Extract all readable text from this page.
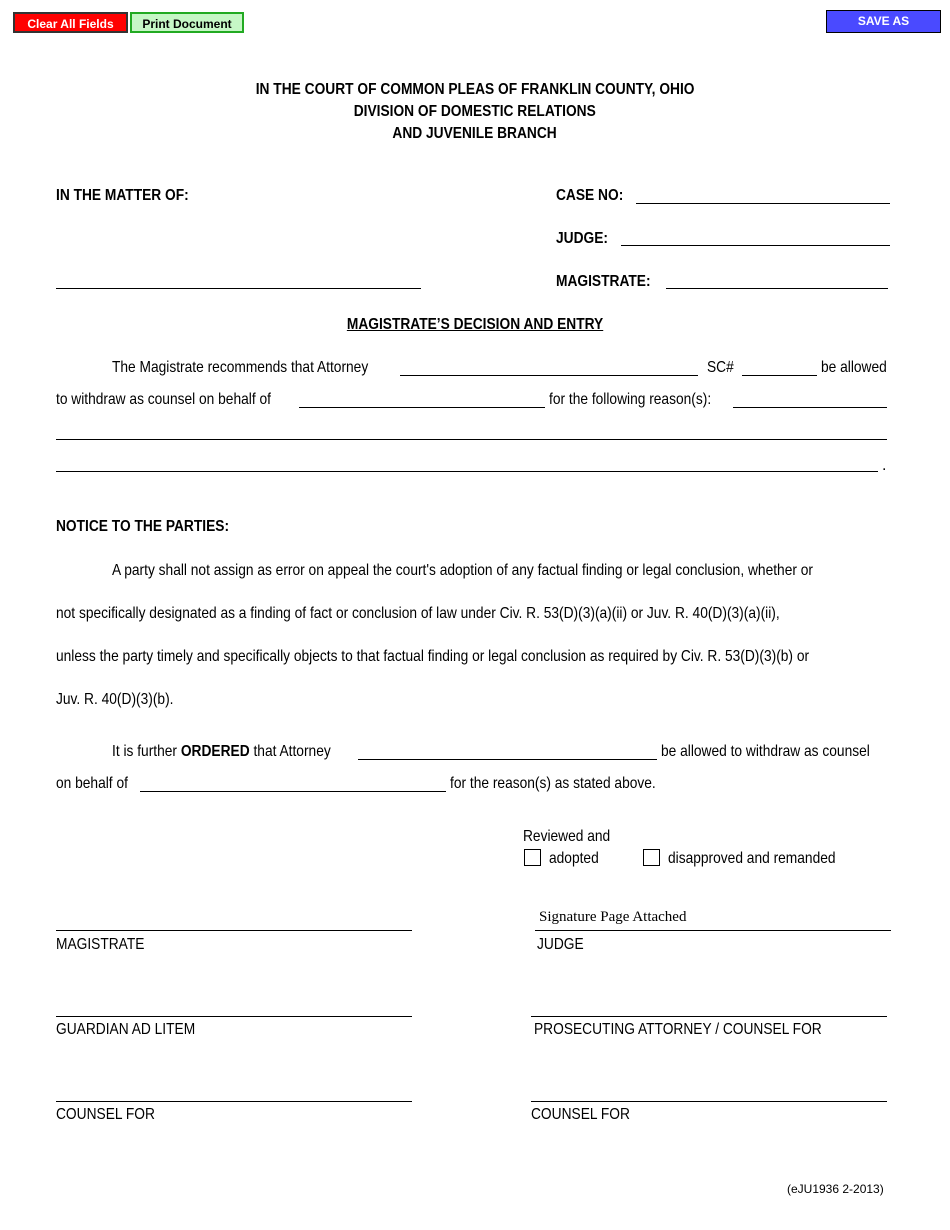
Clear All Fields	Print Document	SAVE AS
IN THE COURT OF COMMON PLEAS OF FRANKLIN COUNTY, OHIO
DIVISION OF DOMESTIC RELATIONS
AND JUVENILE BRANCH
IN THE MATTER OF:	CASE NO:
JUDGE:
MAGISTRATE:
MAGISTRATE’S DECISION AND ENTRY
The Magistrate recommends that Attorney	SC#	be allowed
to withdraw as counsel on behalf of	for the following reason(s):
.
NOTICE TO THE PARTIES:
A party shall not assign as error on appeal the court's adoption of any factual finding or legal conclusion, whether or
not specifically designated as a finding of fact or conclusion of law under Civ. R. 53(D)(3)(a)(ii) or Juv. R. 40(D)(3)(a)(ii),
unless the party timely and specifically objects to that factual finding or legal conclusion as required by Civ. R. 53(D)(3)(b) or
Juv. R. 40(D)(3)(b).
It is further ORDERED that Attorney	be allowed to withdraw as counsel
on behalf of	for the reason(s) as stated above.
Reviewed and
adopted	disapproved and remanded
MAGISTRATE
Signature Page Attached
JUDGE
GUARDIAN AD LITEM	PROSECUTING ATTORNEY / COUNSEL FOR
COUNSEL FOR	COUNSEL FOR
(eJU1936 2-2013)
